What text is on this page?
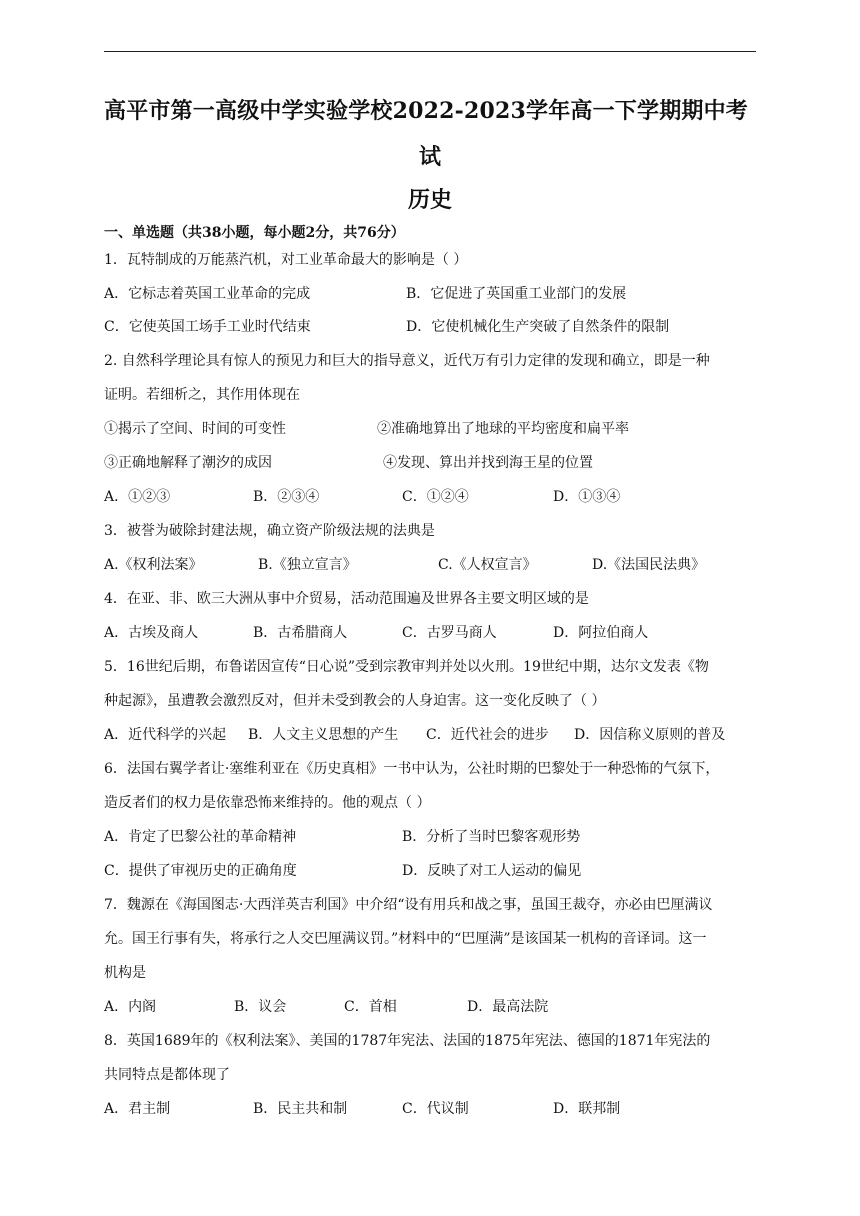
高平市第一高级中学实验学校2022-2023学年高一下学期期中考
试
历史
一、单选题（共38小题，每小题2分，共76分）
1．瓦特制成的万能蒸汽机，对工业革命最大的影响是（ ）
A．它标志着英国工业革命的完成	B．它促进了英国重工业部门的发展
C．它使英国工场手工业时代结束	D．它使机械化生产突破了自然条件的限制
2. 自然科学理论具有惊人的预见力和巨大的指导意义，近代万有引力定律的发现和确立，即是一种
证明。若细析之，其作用体现在
①揭示了空间、时间的可变性	②准确地算出了地球的平均密度和扁平率
③正确地解释了潮汐的成因	④发现、算出并找到海王星的位置
A．①②③	B．②③④	C．①②④	D．①③④
3．被誉为破除封建法规，确立资产阶级法规的法典是
A.《权利法案》	B.《独立宣言》	C.《人权宣言》	D.《法国民法典》
4．在亚、非、欧三大洲从事中介贸易，活动范围遍及世界各主要文明区域的是
A．古埃及商人	B．古希腊商人	C．古罗马商人	D．阿拉伯商人
5．16世纪后期，布鲁诺因宣传“日心说”受到宗教审判并处以火刑。19世纪中期，达尔文发表《物
种起源》，虽遭教会激烈反对，但并未受到教会的人身迫害。这一变化反映了（ ）
A．近代科学的兴起 B．人文主义思想的产生 C．近代社会的进步 D．因信称义原则的普及
6．法国右翼学者让·塞维利亚在《历史真相》一书中认为，公社时期的巴黎处于一种恐怖的气氛下，
造反者们的权力是依靠恐怖来维持的。他的观点（ ）
A．肯定了巴黎公社的革命精神	B．分析了当时巴黎客观形势
C．提供了审视历史的正确角度	D．反映了对工人运动的偏见
7．魏源在《海国图志·大西洋英吉利国》中介绍“设有用兵和战之事，虽国王裁夺，亦必由巴厘满议
允。国王行事有失，将承行之人交巴厘满议罚。”材料中的“巴厘满”是该国某一机构的音译词。这一
机构是
A．内阁	B．议会	C．首相	D．最高法院
8．英国1689年的《权利法案》、美国的1787年宪法、法国的1875年宪法、德国的1871年宪法的
共同特点是都体现了
A．君主制	B．民主共和制	C．代议制	D．联邦制
